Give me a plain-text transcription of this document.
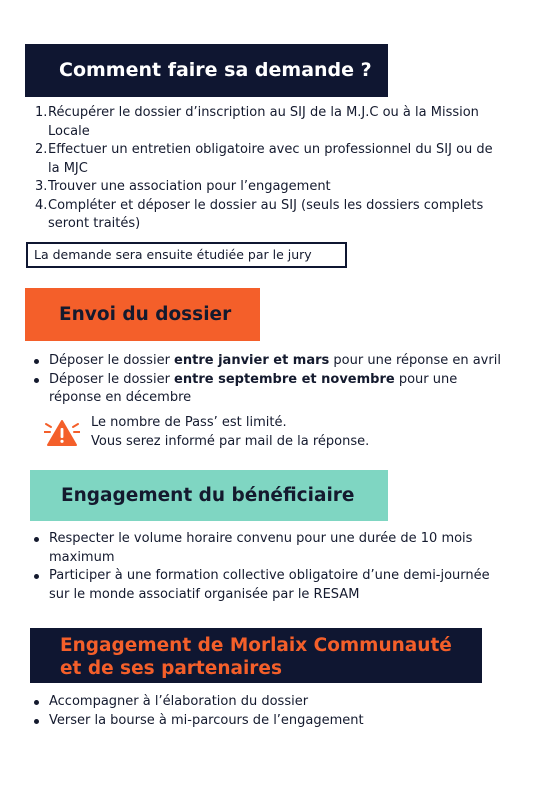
Comment faire sa demande ?
1. Récupérer le dossier d’inscription au SIJ de la M.J.C ou à la Mission Locale
2. Effectuer un entretien obligatoire avec un professionnel du SIJ ou de la MJC
3. Trouver une association pour l’engagement
4. Compléter et déposer le dossier au SIJ (seuls les dossiers complets seront traités)
La demande sera ensuite étudiée par le jury
Envoi du dossier
Déposer le dossier entre janvier et mars pour une réponse en avril
Déposer le dossier entre septembre et novembre pour une réponse en décembre
Le nombre de Pass’ est limité.
Vous serez informé par mail de la réponse.
Engagement du bénéficiaire
Respecter le volume horaire convenu pour une durée de 10 mois maximum
Participer à une formation collective obligatoire d’une demi-journée sur le monde associatif organisée par le RESAM
Engagement de Morlaix Communauté
et de ses partenaires
Accompagner à l’élaboration du dossier
Verser la bourse à mi-parcours de l’engagement
